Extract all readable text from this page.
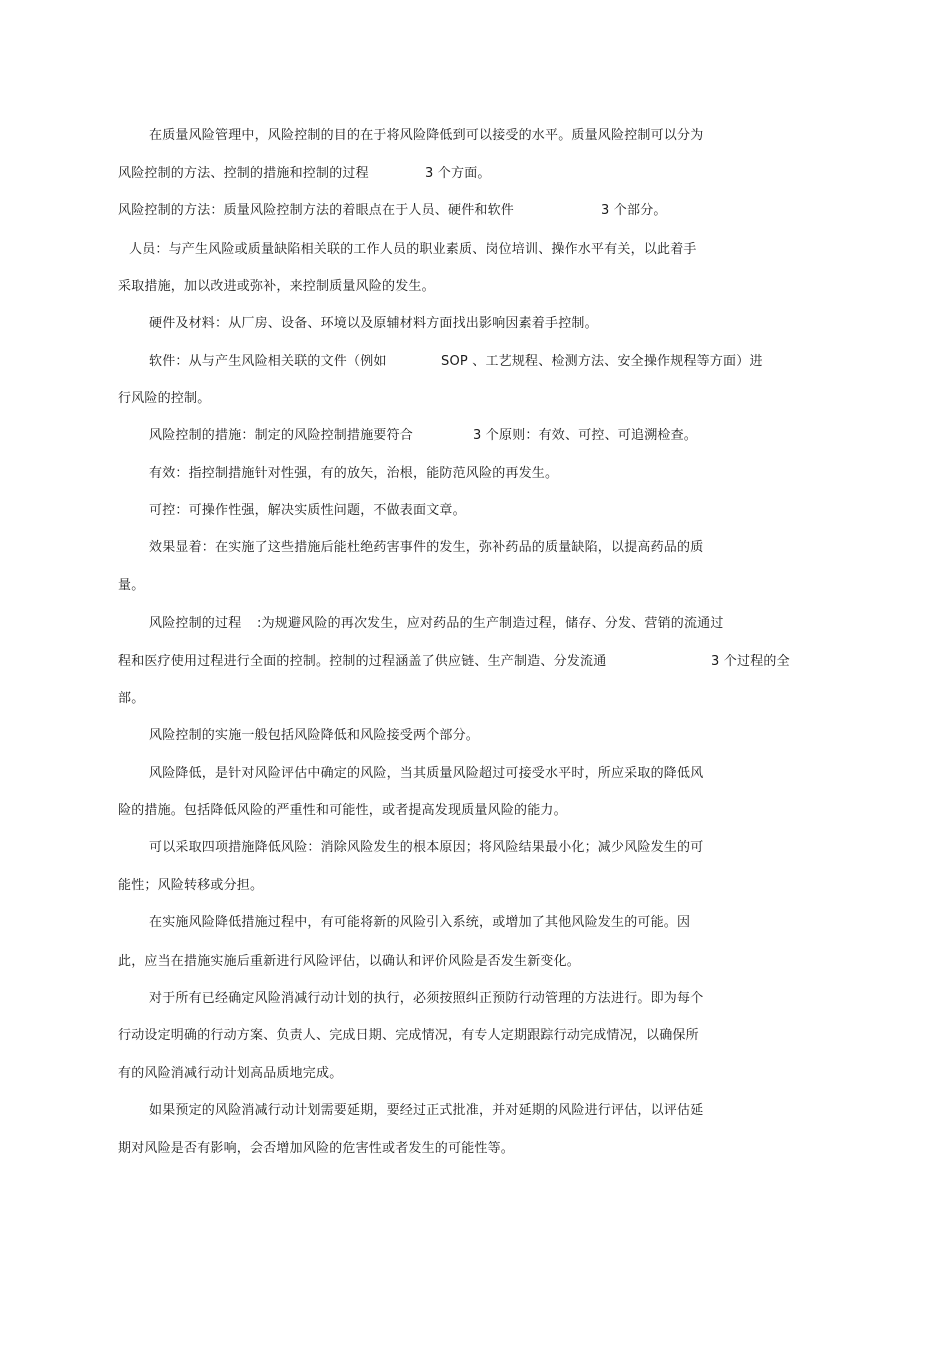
在质量风险管理中，风险控制的目的在于将风险降低到可以接受的水平。质量风险控制可以分为
风险控制的方法、控制的措施和控制的过程	3 个方面。
风险控制的方法：质量风险控制方法的着眼点在于人员、硬件和软件	3 个部分。
人员：与产生风险或质量缺陷相关联的工作人员的职业素质、岗位培训、操作水平有关，以此着手
采取措施，加以改进或弥补，来控制质量风险的发生。
硬件及材料：从厂房、设备、环境以及原辅材料方面找出影响因素着手控制。
软件：从与产生风险相关联的文件（例如	SOP 、工艺规程、检测方法、安全操作规程等方面）进
行风险的控制。
风险控制的措施：制定的风险控制措施要符合	3 个原则：有效、可控、可追溯检查。
有效：指控制措施针对性强，有的放矢，治根，能防范风险的再发生。
可控：可操作性强，解决实质性问题，不做表面文章。
效果显着：在实施了这些措施后能杜绝药害事件的发生，弥补药品的质量缺陷，以提高药品的质
量。
风险控制的过程 :为规避风险的再次发生，应对药品的生产制造过程，储存、分发、营销的流通过
程和医疗使用过程进行全面的控制。控制的过程涵盖了供应链、生产制造、分发流通	3 个过程的全
部。
风险控制的实施一般包括风险降低和风险接受两个部分。
风险降低，是针对风险评估中确定的风险，当其质量风险超过可接受水平时，所应采取的降低风
险的措施。包括降低风险的严重性和可能性，或者提高发现质量风险的能力。
可以采取四项措施降低风险：消除风险发生的根本原因；将风险结果最小化；减少风险发生的可
能性；风险转移或分担。
在实施风险降低措施过程中，有可能将新的风险引入系统，或增加了其他风险发生的可能。因
此，应当在措施实施后重新进行风险评估，以确认和评价风险是否发生新变化。
对于所有已经确定风险消减行动计划的执行，必须按照纠正预防行动管理的方法进行。即为每个
行动设定明确的行动方案、负责人、完成日期、完成情况，有专人定期跟踪行动完成情况，以确保所
有的风险消减行动计划高品质地完成。
如果预定的风险消减行动计划需要延期，要经过正式批准，并对延期的风险进行评估，以评估延
期对风险是否有影响，会否增加风险的危害性或者发生的可能性等。
